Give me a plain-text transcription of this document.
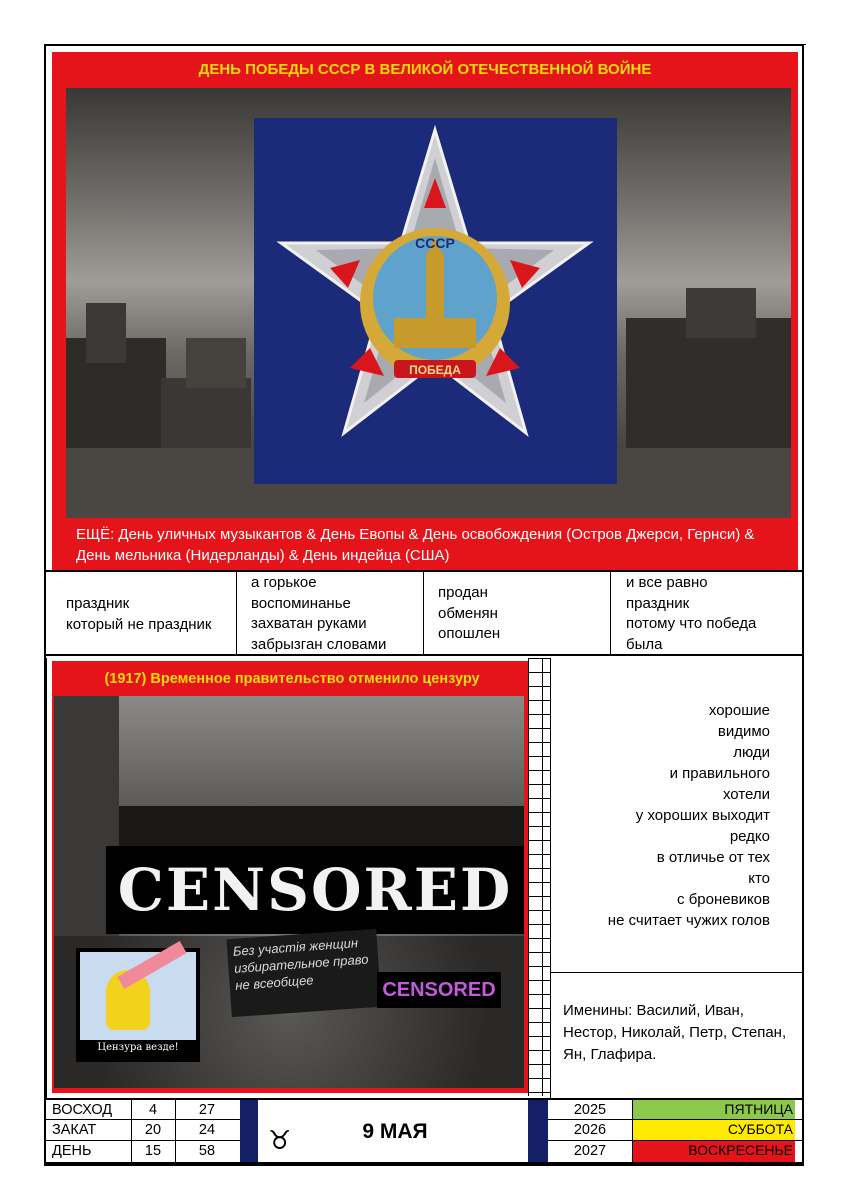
ДЕНЬ ПОБЕДЫ СССР В ВЕЛИКОЙ ОТЕЧЕСТВЕННОЙ ВОЙНЕ
СССР
ПОБЕДА
ЕЩЁ: День уличных музыкантов & День Евопы & День освобождения (Остров Джерси, Гернси) & День мельника (Нидерланды) & День индейца (США)
праздник
который не праздник
а горькое
воспоминанье
захватан руками
забрызган словами
продан
обменян
опошлен
и все равно
праздник
потому что победа
была
(1917) Временное правительство отменило цензуру
CENSORED
Без участія женщин избирательное право не всеобщее	CENSORED
Цензура везде!
хорошие
видимо
люди
и правильного
хотели
у хороших выходит
редко
в отличье от тех
кто
с броневиков
не считает чужих голов
Именины: Василий, Иван, Нестор, Николай, Петр, Степан, Ян, Глафира.
ВОСХОД	4	27
ЗАКАТ	20	24
ДЕНЬ	15	58	♉	9 МАЯ
2025	ПЯТНИЦА
2026	СУББОТА
2027	ВОСКРЕСЕНЬЕ
